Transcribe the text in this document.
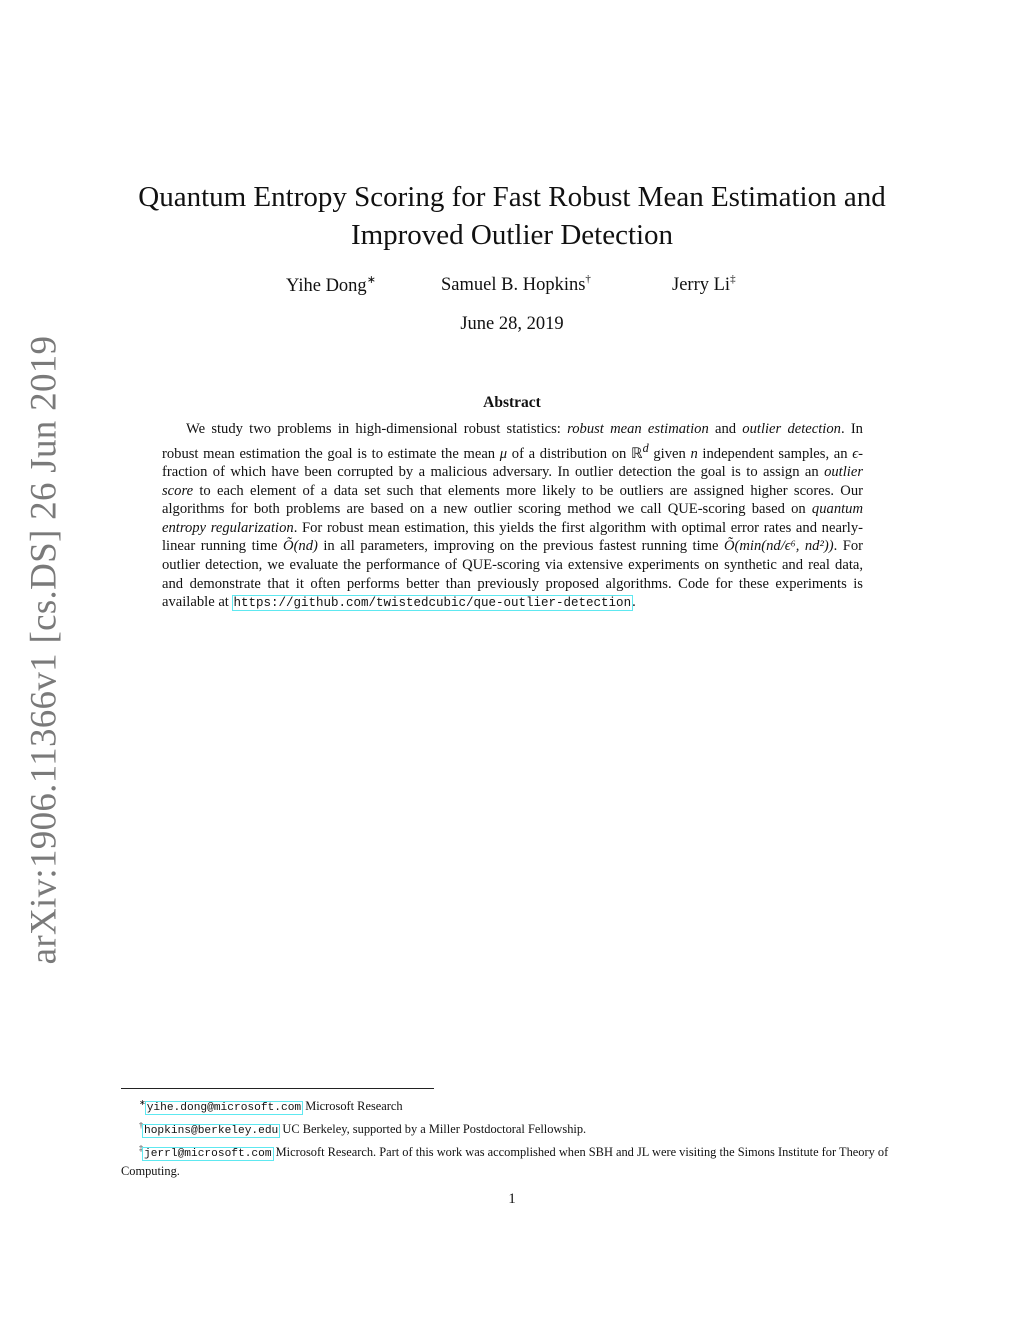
arXiv:1906.11366v1 [cs.DS] 26 Jun 2019
Quantum Entropy Scoring for Fast Robust Mean Estimation and
Improved Outlier Detection
Yihe Dong∗	Samuel B. Hopkins†	Jerry Li‡
June 28, 2019
Abstract
We study two problems in high-dimensional robust statistics: robust mean estimation and outlier detection. In robust mean estimation the goal is to estimate the mean μ of a distribution on ℝ$^d$ given n independent samples, an ϵ-fraction of which have been corrupted by a malicious adversary. In outlier detection the goal is to assign an outlier score to each element of a data set such that elements more likely to be outliers are assigned higher scores. Our algorithms for both problems are based on a new outlier scoring method we call QUE-scoring based on quantum entropy regularization. For robust mean estimation, this yields the first algorithm with optimal error rates and nearly-linear running time Õ(nd) in all parameters, improving on the previous fastest running time Õ(min(nd/ϵ⁶, nd²)). For outlier detection, we evaluate the performance of QUE-scoring via extensive experiments on synthetic and real data, and demonstrate that it often performs better than previously proposed algorithms. Code for these experiments is available at https://github.com/twistedcubic/que-outlier-detection.

∗yihe.dong@microsoft.com Microsoft Research

†hopkins@berkeley.edu UC Berkeley, supported by a Miller Postdoctoral Fellowship.

‡jerrl@microsoft.com Microsoft Research. Part of this work was accomplished when SBH and JL were visiting the Simons Institute for Theory of Computing.

1
